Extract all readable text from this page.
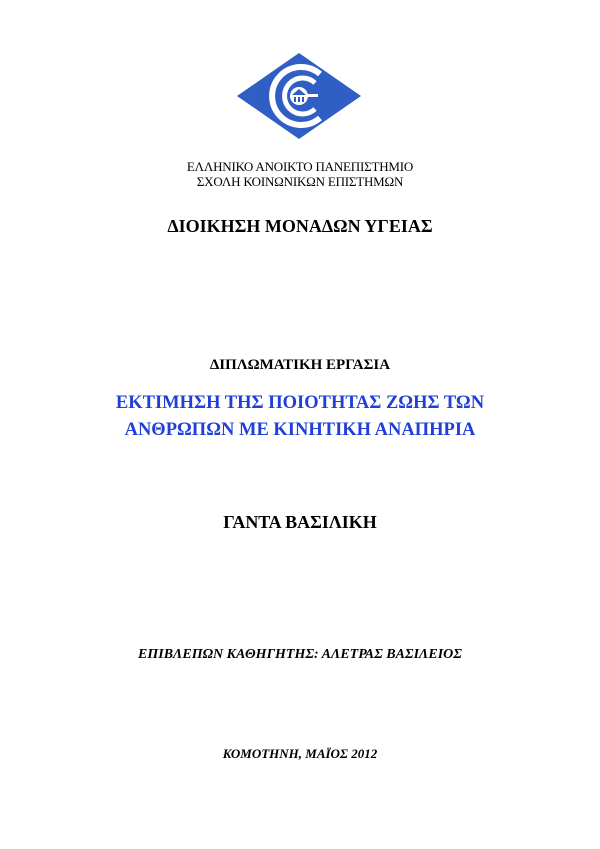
ΕΛΛΗΝΙΚΟ ΑΝΟΙΚΤΟ ΠΑΝΕΠΙΣΤΗΜΙΟ
ΣΧΟΛΗ ΚΟΙΝΩΝΙΚΩΝ ΕΠΙΣΤΗΜΩΝ
ΔΙΟΙΚΗΣΗ ΜΟΝΑΔΩΝ ΥΓΕΙΑΣ
ΔΙΠΛΩΜΑΤΙΚΗ ΕΡΓΑΣΙΑ
ΕΚΤΙΜΗΣΗ ΤΗΣ ΠΟΙΟΤΗΤΑΣ ΖΩΗΣ ΤΩΝ
ΑΝΘΡΩΠΩΝ ΜΕ ΚΙΝΗΤΙΚΗ ΑΝΑΠΗΡΙΑ
ΓΑΝΤΑ ΒΑΣΙΛΙΚΗ
ΕΠΙΒΛΕΠΩΝ ΚΑΘΗΓΗΤΗΣ: ΑΛΕΤΡΑΣ ΒΑΣΙΛΕΙΟΣ
ΚΟΜΟΤΗΝΗ, ΜΑΪΟΣ 2012
